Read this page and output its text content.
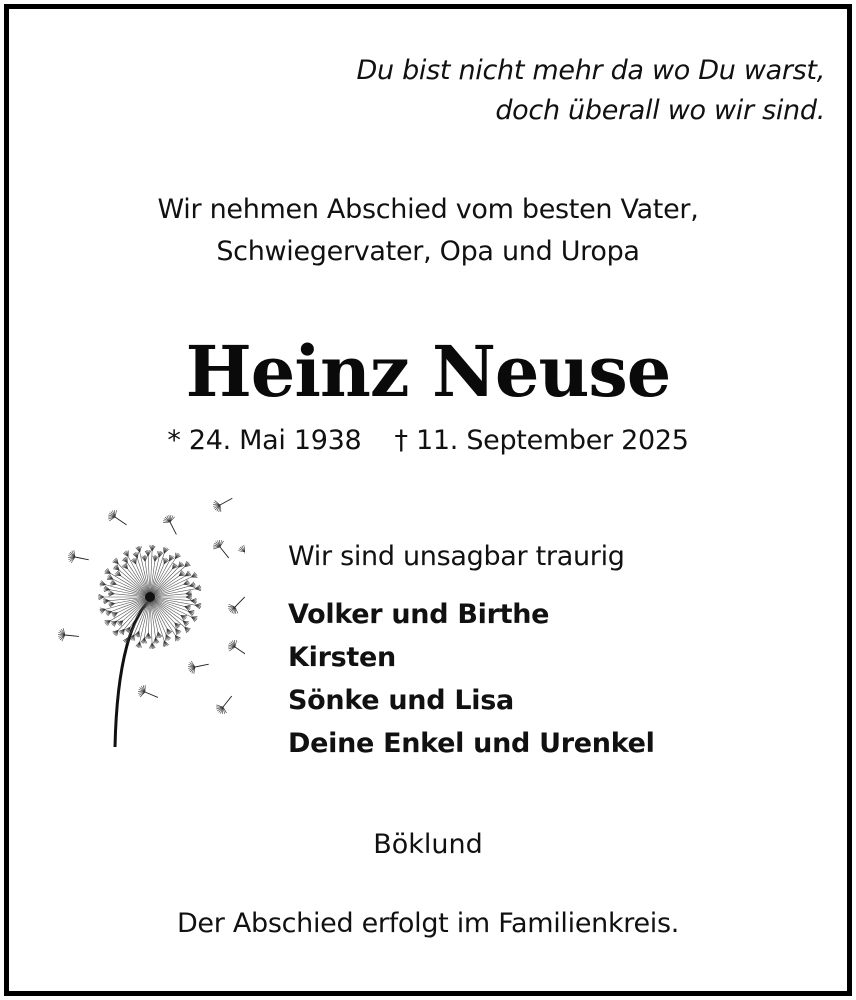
Du bist nicht mehr da wo Du warst,
doch überall wo wir sind.
Wir nehmen Abschied vom besten Vater,
Schwiegervater, Opa und Uropa
Heinz Neuse
* 24. Mai 1938    † 11. September 2025
Wir sind unsagbar traurig
Volker und Birthe
Kirsten
Sönke und Lisa
Deine Enkel und Urenkel
Böklund
Der Abschied erfolgt im Familienkreis.
